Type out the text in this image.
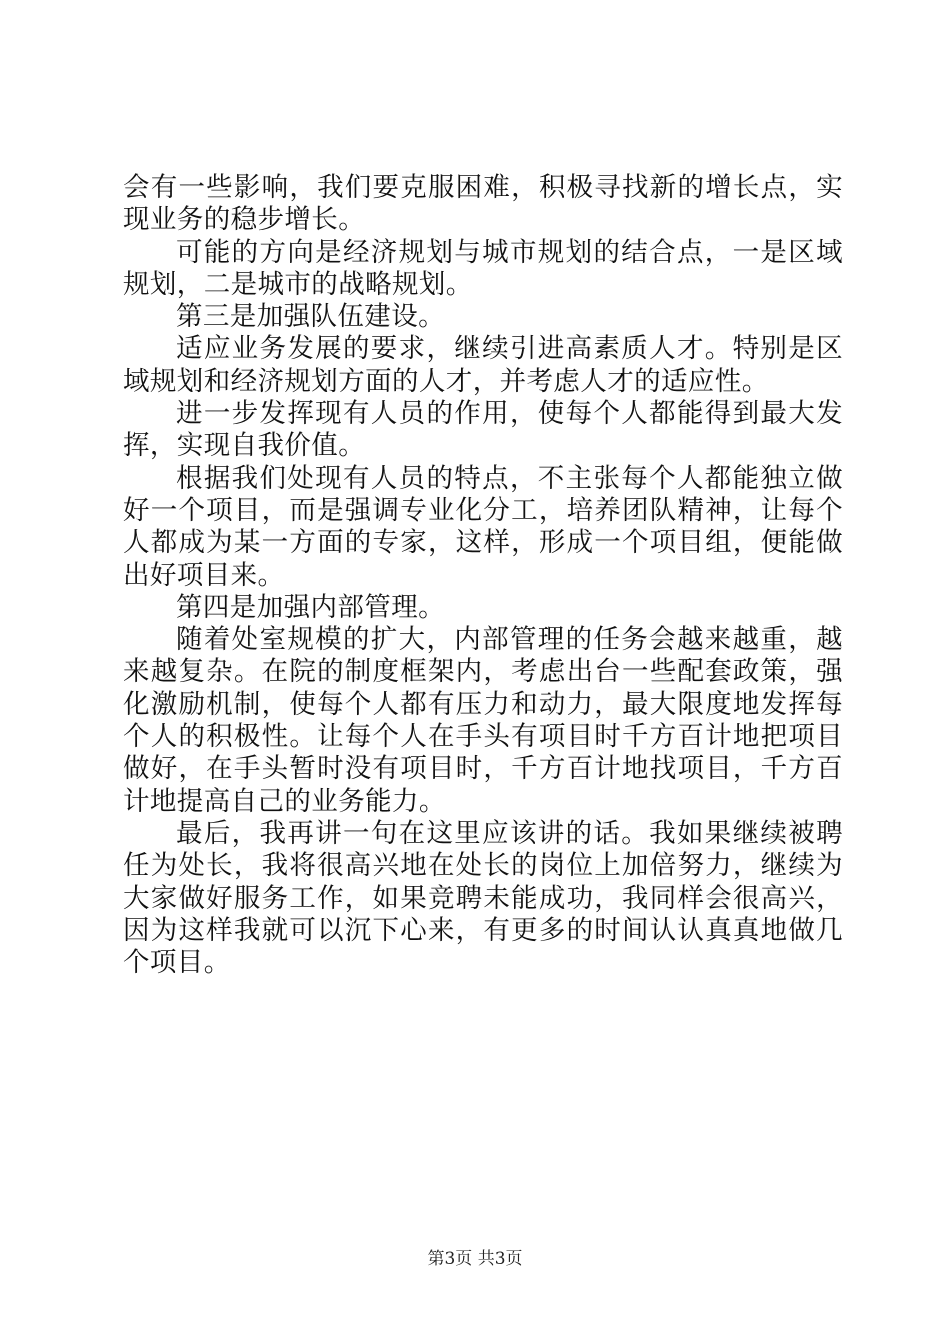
会有一些影响，我们要克服困难，积极寻找新的增长点，实现业务的稳步增长。

可能的方向是经济规划与城市规划的结合点，一是区域规划，二是城市的战略规划。

第三是加强队伍建设。

适应业务发展的要求，继续引进高素质人才。特别是区域规划和经济规划方面的人才，并考虑人才的适应性。

进一步发挥现有人员的作用，使每个人都能得到最大发挥，实现自我价值。

根据我们处现有人员的特点，不主张每个人都能独立做好一个项目，而是强调专业化分工，培养团队精神，让每个人都成为某一方面的专家，这样，形成一个项目组，便能做出好项目来。

第四是加强内部管理。

随着处室规模的扩大，内部管理的任务会越来越重，越来越复杂。在院的制度框架内，考虑出台一些配套政策，强化激励机制，使每个人都有压力和动力，最大限度地发挥每个人的积极性。让每个人在手头有项目时千方百计地把项目做好，在手头暂时没有项目时，千方百计地找项目，千方百计地提高自己的业务能力。

最后，我再讲一句在这里应该讲的话。我如果继续被聘任为处长，我将很高兴地在处长的岗位上加倍努力，继续为大家做好服务工作，如果竞聘未能成功，我同样会很高兴，因为这样我就可以沉下心来，有更多的时间认认真真地做几个项目。

第3页 共3页
